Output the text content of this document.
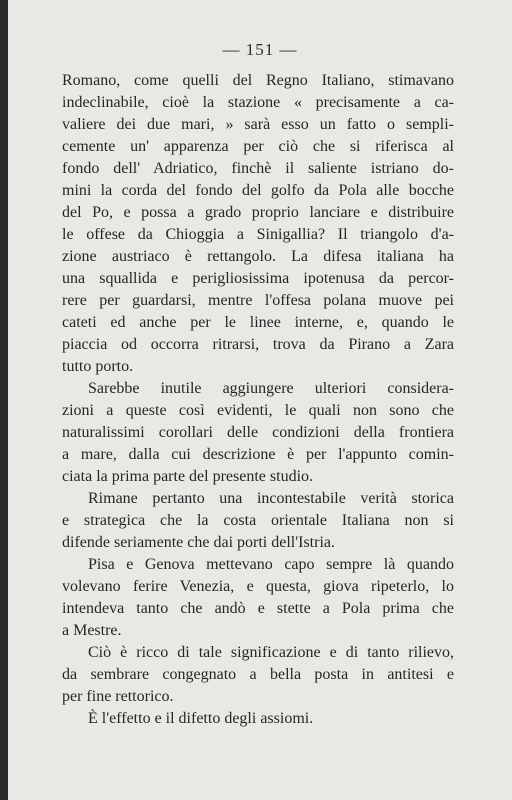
— 151 —

Romano, come quelli del Regno Italiano, stimavano
indeclinabile, cioè la stazione « precisamente a ca-
valiere dei due mari, » sarà esso un fatto o sempli-
cemente un' apparenza per ciò che si riferisca al
fondo dell' Adriatico, finchè il saliente istriano do-
mini la corda del fondo del golfo da Pola alle bocche
del Po, e possa a grado proprio lanciare e distribuire
le offese da Chioggia a Sinigallia? Il triangolo d'a-
zione austriaco è rettangolo. La difesa italiana ha
una squallida e perigliosissima ipotenusa da percor-
rere per guardarsi, mentre l'offesa polana muove pei
cateti ed anche per le linee interne, e, quando le
piaccia od occorra ritrarsi, trova da Pirano a Zara
tutto porto.
Sarebbe inutile aggiungere ulteriori considera-
zioni a queste così evidenti, le quali non sono che
naturalissimi corollari delle condizioni della frontiera
a mare, dalla cui descrizione è per l'appunto comin-
ciata la prima parte del presente studio.
Rimane pertanto una incontestabile verità storica
e strategica che la costa orientale Italiana non si
difende seriamente che dai porti dell'Istria.
Pisa e Genova mettevano capo sempre là quando
volevano ferire Venezia, e questa, giova ripeterlo, lo
intendeva tanto che andò e stette a Pola prima che
a Mestre.
Ciò è ricco di tale significazione e di tanto rilievo,
da sembrare congegnato a bella posta in antitesi e
per fine rettorico.
È l'effetto e il difetto degli assiomi.
